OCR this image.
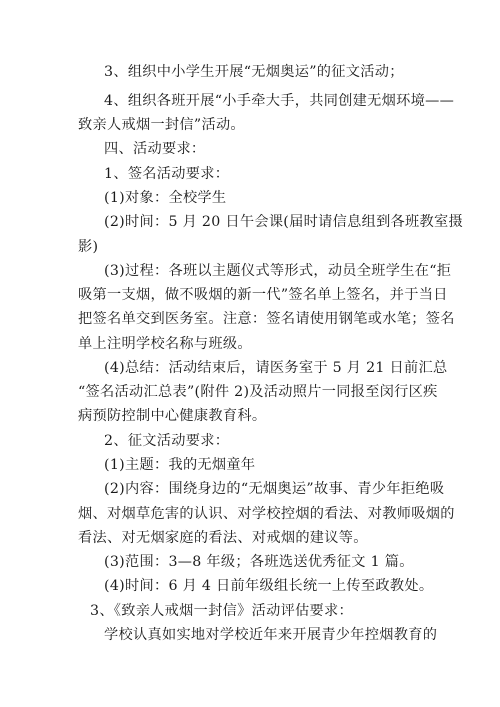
3、组织中小学生开展“无烟奥运”的征文活动；
4、组织各班开展“小手牵大手，共同创建无烟环境——
致亲人戒烟一封信”活动。
四、活动要求：
1、签名活动要求：
(1)对象：全校学生
(2)时间：5 月 20 日午会课(届时请信息组到各班教室摄
影)
(3)过程：各班以主题仪式等形式，动员全班学生在“拒
吸第一支烟，做不吸烟的新一代”签名单上签名，并于当日
把签名单交到医务室。注意：签名请使用钢笔或水笔；签名
单上注明学校名称与班级。
(4)总结：活动结束后，请医务室于 5 月 21 日前汇总
“签名活动汇总表”(附件 2)及活动照片一同报至闵行区疾
病预防控制中心健康教育科。
2、征文活动要求：
(1)主题：我的无烟童年
(2)内容：围绕身边的“无烟奥运”故事、青少年拒绝吸
烟、对烟草危害的认识、对学校控烟的看法、对教师吸烟的
看法、对无烟家庭的看法、对戒烟的建议等。
(3)范围：3—8 年级；各班选送优秀征文 1 篇。
(4)时间：6 月 4 日前年级组长统一上传至政教处。
3、《致亲人戒烟一封信》活动评估要求：
学校认真如实地对学校近年来开展青少年控烟教育的
